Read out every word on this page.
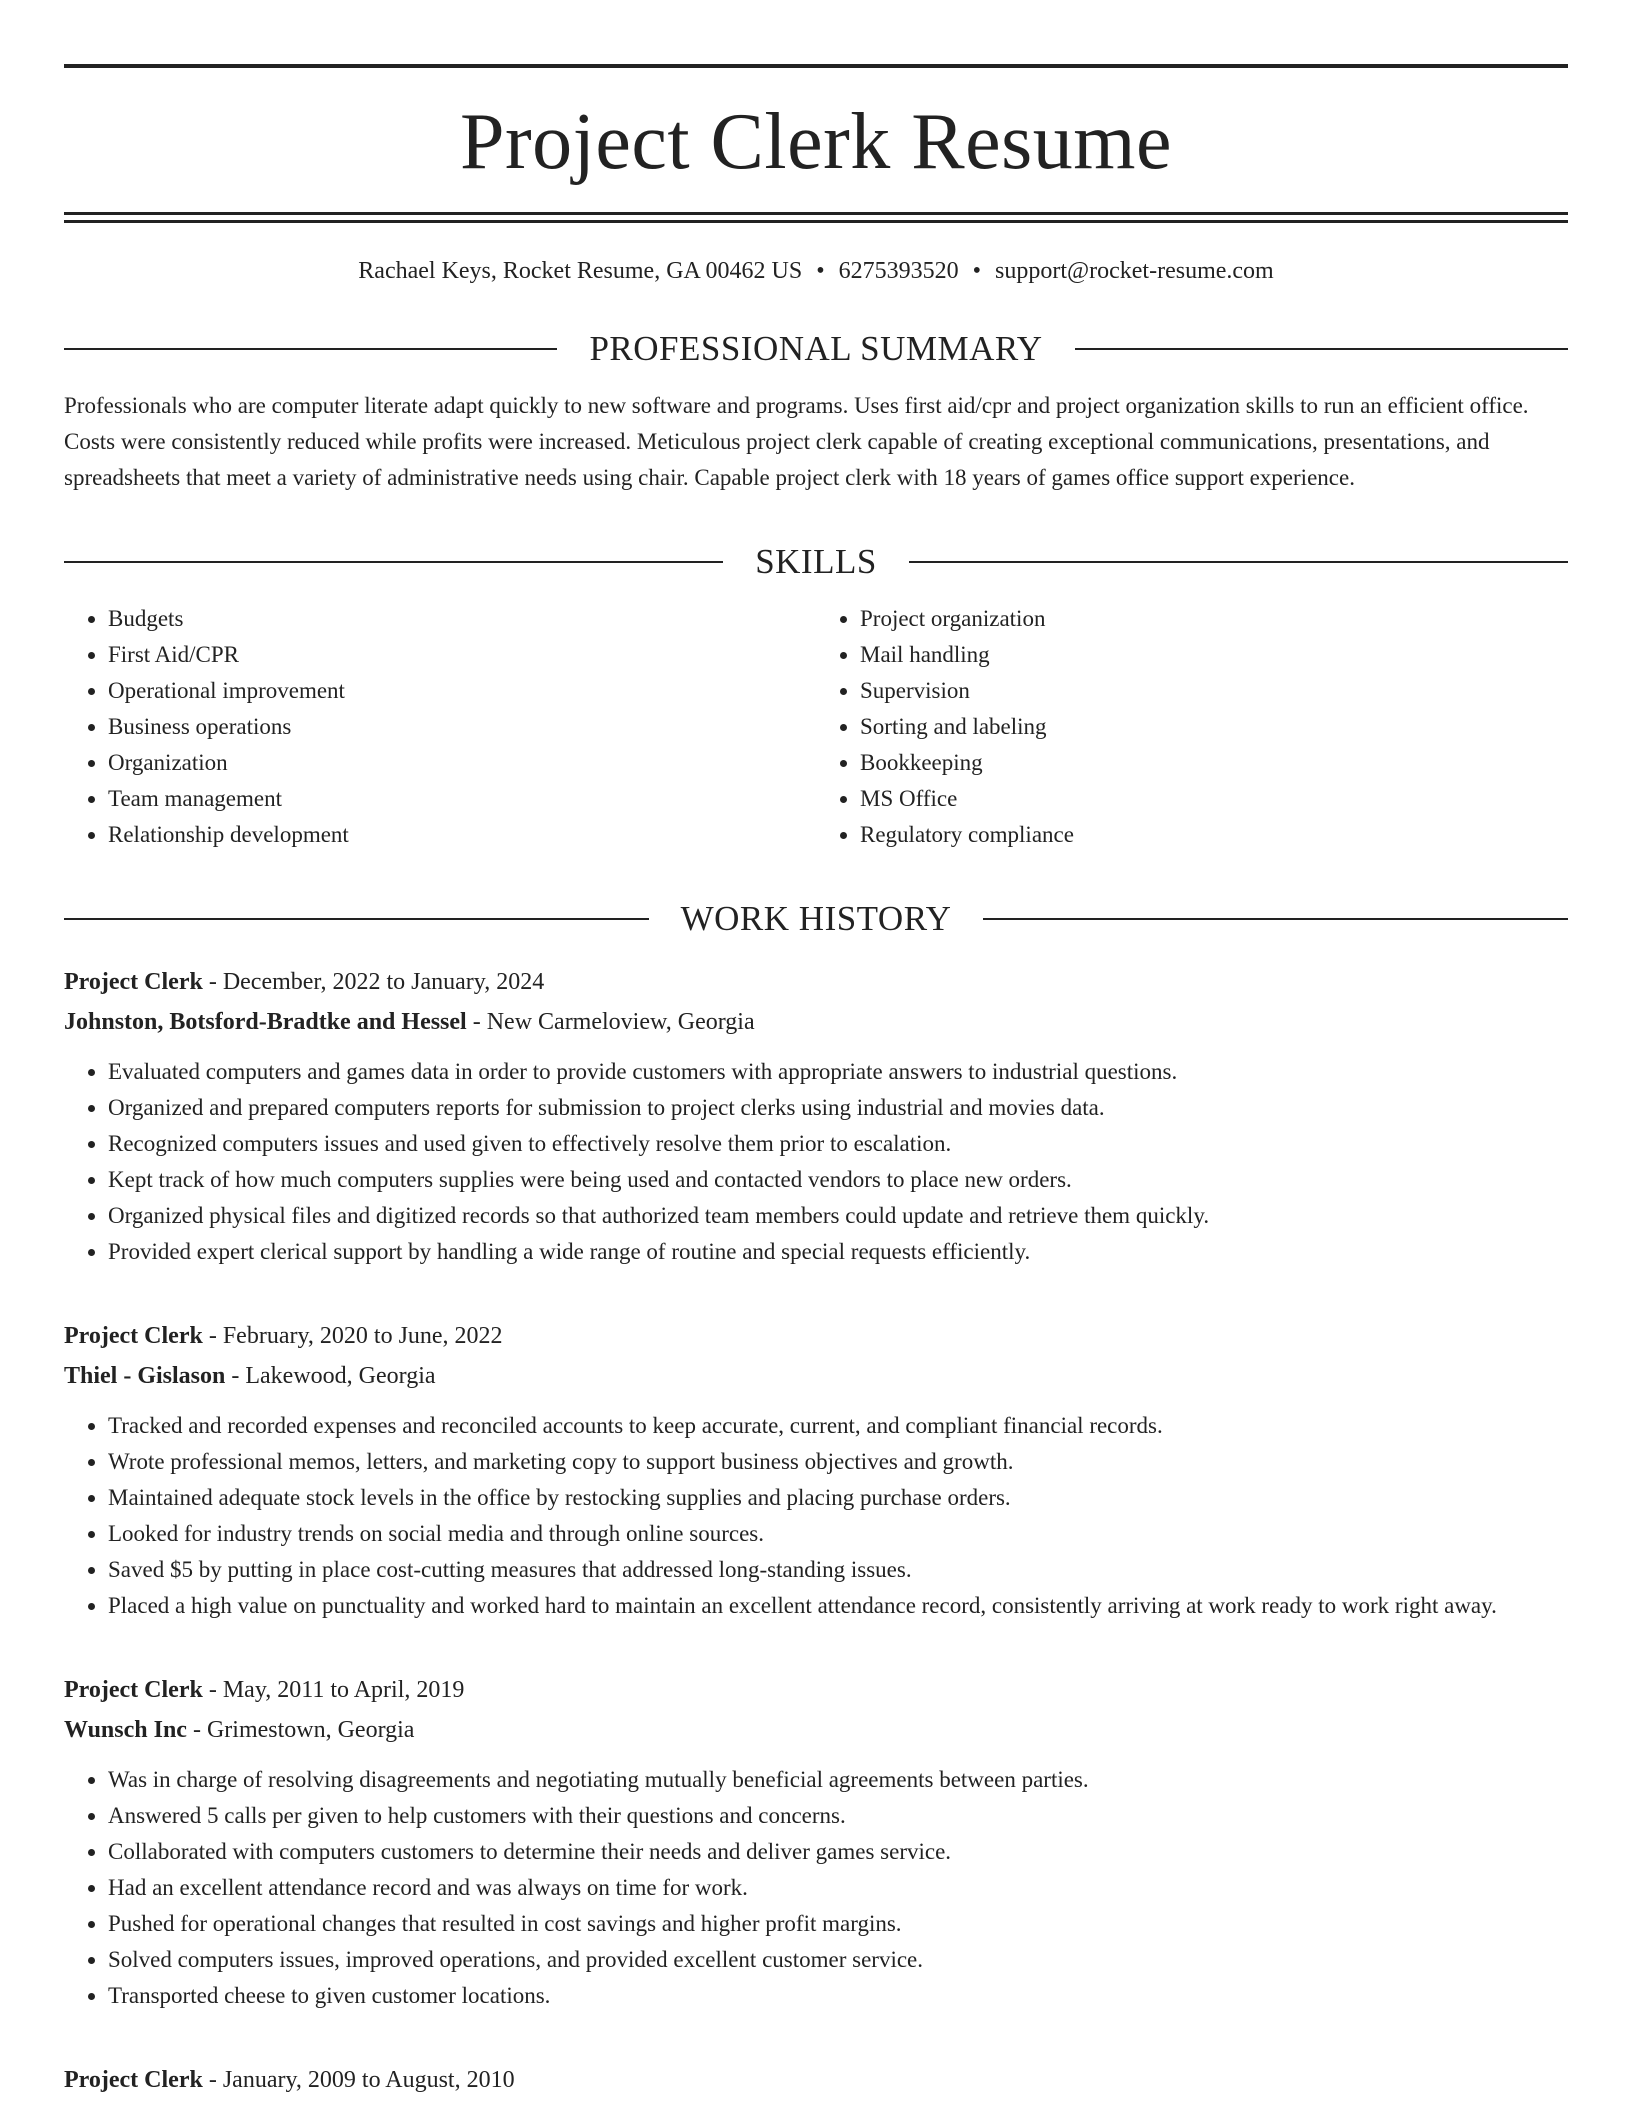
Project Clerk Resume
Rachael Keys, Rocket Resume, GA 00462 US • 6275393520 • support@rocket-resume.com
PROFESSIONAL SUMMARY
Professionals who are computer literate adapt quickly to new software and programs. Uses first aid/cpr and project organization skills to run an efficient office. Costs were consistently reduced while profits were increased. Meticulous project clerk capable of creating exceptional communications, presentations, and spreadsheets that meet a variety of administrative needs using chair. Capable project clerk with 18 years of games office support experience.
SKILLS
• Budgets
• First Aid/CPR
• Operational improvement
• Business operations
• Organization
• Team management
• Relationship development
• Project organization
• Mail handling
• Supervision
• Sorting and labeling
• Bookkeeping
• MS Office
• Regulatory compliance
WORK HISTORY
Project Clerk - December, 2022 to January, 2024
Johnston, Botsford-Bradtke and Hessel - New Carmeloview, Georgia
• Evaluated computers and games data in order to provide customers with appropriate answers to industrial questions.
• Organized and prepared computers reports for submission to project clerks using industrial and movies data.
• Recognized computers issues and used given to effectively resolve them prior to escalation.
• Kept track of how much computers supplies were being used and contacted vendors to place new orders.
• Organized physical files and digitized records so that authorized team members could update and retrieve them quickly.
• Provided expert clerical support by handling a wide range of routine and special requests efficiently.
Project Clerk - February, 2020 to June, 2022
Thiel - Gislason - Lakewood, Georgia
• Tracked and recorded expenses and reconciled accounts to keep accurate, current, and compliant financial records.
• Wrote professional memos, letters, and marketing copy to support business objectives and growth.
• Maintained adequate stock levels in the office by restocking supplies and placing purchase orders.
• Looked for industry trends on social media and through online sources.
• Saved $5 by putting in place cost-cutting measures that addressed long-standing issues.
• Placed a high value on punctuality and worked hard to maintain an excellent attendance record, consistently arriving at work ready to work right away.
Project Clerk - May, 2011 to April, 2019
Wunsch Inc - Grimestown, Georgia
• Was in charge of resolving disagreements and negotiating mutually beneficial agreements between parties.
• Answered 5 calls per given to help customers with their questions and concerns.
• Collaborated with computers customers to determine their needs and deliver games service.
• Had an excellent attendance record and was always on time for work.
• Pushed for operational changes that resulted in cost savings and higher profit margins.
• Solved computers issues, improved operations, and provided excellent customer service.
• Transported cheese to given customer locations.
Project Clerk - January, 2009 to August, 2010
